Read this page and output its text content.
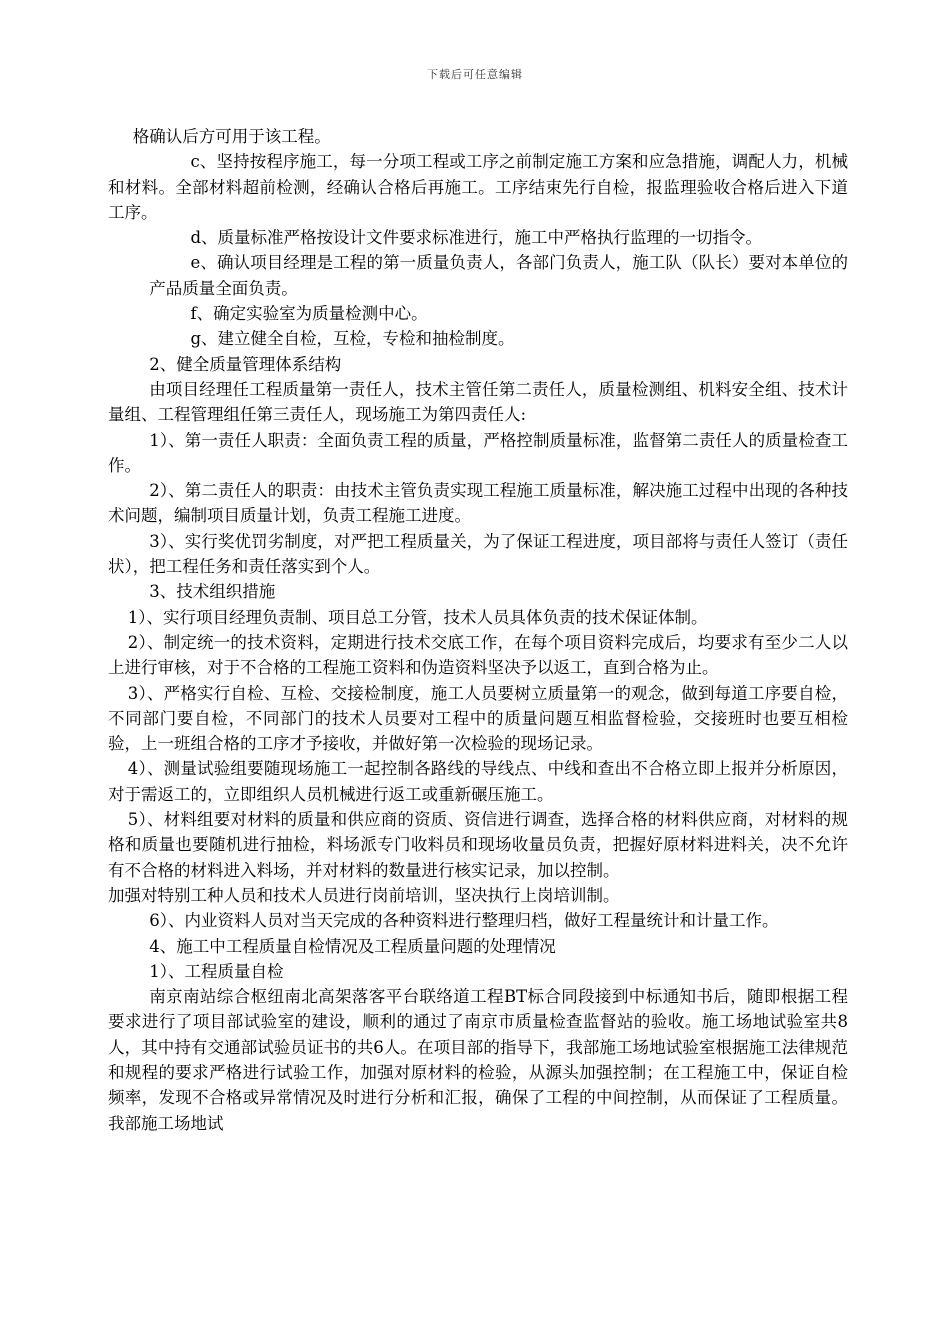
下载后可任意编辑

格确认后方可用于该工程。

c、坚持按程序施工，每一分项工程或工序之前制定施工方案和应急措施，调配人力，机械和材料。全部材料超前检测，经确认合格后再施工。工序结束先行自检，报监理验收合格后进入下道工序。

d、质量标准严格按设计文件要求标准进行，施工中严格执行监理的一切指令。

e、确认项目经理是工程的第一质量负责人，各部门负责人，施工队（队长）要对本单位的产品质量全面负责。

f、确定实验室为质量检测中心。

g、建立健全自检，互检，专检和抽检制度。

2、健全质量管理体系结构

由项目经理任工程质量第一责任人，技术主管任第二责任人，质量检测组、机料安全组、技术计量组、工程管理组任第三责任人，现场施工为第四责任人:

1）、第一责任人职责：全面负责工程的质量，严格控制质量标准，监督第二责任人的质量检查工作。

2）、第二责任人的职责：由技术主管负责实现工程施工质量标准，解决施工过程中出现的各种技术问题，编制项目质量计划，负责工程施工进度。

3）、实行奖优罚劣制度，对严把工程质量关，为了保证工程进度，项目部将与责任人签订（责任状），把工程任务和责任落实到个人。

3、技术组织措施

1）、实行项目经理负责制、项目总工分管，技术人员具体负责的技术保证体制。

2）、制定统一的技术资料，定期进行技术交底工作，在每个项目资料完成后，均要求有至少二人以上进行审核，对于不合格的工程施工资料和伪造资料坚决予以返工，直到合格为止。

3）、严格实行自检、互检、交接检制度，施工人员要树立质量第一的观念，做到每道工序要自检，不同部门要自检，不同部门的技术人员要对工程中的质量问题互相监督检验，交接班时也要互相检验，上一班组合格的工序才予接收，并做好第一次检验的现场记录。

4）、测量试验组要随现场施工一起控制各路线的导线点、中线和查出不合格立即上报并分析原因，对于需返工的，立即组织人员机械进行返工或重新碾压施工。

5）、材料组要对材料的质量和供应商的资质、资信进行调查，选择合格的材料供应商，对材料的规格和质量也要随机进行抽检，料场派专门收料员和现场收量员负责，把握好原材料进料关，决不允许有不合格的材料进入料场，并对材料的数量进行核实记录，加以控制。

加强对特别工种人员和技术人员进行岗前培训，坚决执行上岗培训制。

6）、内业资料人员对当天完成的各种资料进行整理归档，做好工程量统计和计量工作。

4、施工中工程质量自检情况及工程质量问题的处理情况

1）、工程质量自检

南京南站综合枢纽南北高架落客平台联络道工程BT标合同段接到中标通知书后，随即根据工程要求进行了项目部试验室的建设，顺利的通过了南京市质量检查监督站的验收。施工场地试验室共8人，其中持有交通部试验员证书的共6人。在项目部的指导下，我部施工场地试验室根据施工法律规范和规程的要求严格进行试验工作，加强对原材料的检验，从源头加强控制；在工程施工中，保证自检频率，发现不合格或异常情况及时进行分析和汇报，确保了工程的中间控制，从而保证了工程质量。我部施工场地试
